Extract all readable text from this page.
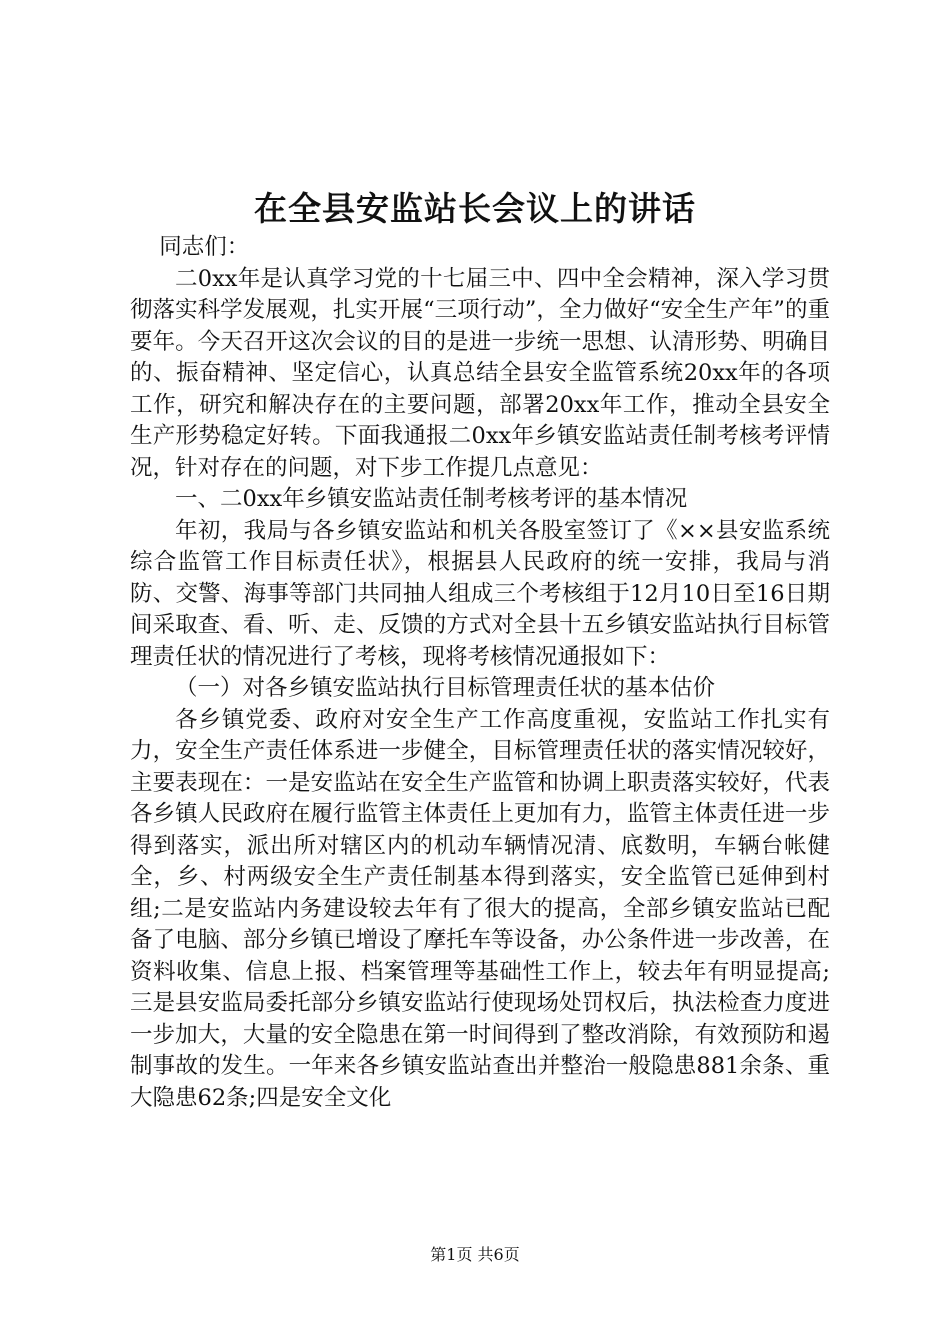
在全县安监站长会议上的讲话

同志们：

二0xx年是认真学习党的十七届三中、四中全会精神，深入学习贯彻落实科学发展观，扎实开展“三项行动”，全力做好“安全生产年”的重要年。今天召开这次会议的目的是进一步统一思想、认清形势、明确目的、振奋精神、坚定信心，认真总结全县安全监管系统20xx年的各项工作，研究和解决存在的主要问题，部署20xx年工作，推动全县安全生产形势稳定好转。下面我通报二0xx年乡镇安监站责任制考核考评情况，针对存在的问题，对下步工作提几点意见：

一、二0xx年乡镇安监站责任制考核考评的基本情况

年初，我局与各乡镇安监站和机关各股室签订了《××县安监系统综合监管工作目标责任状》，根据县人民政府的统一安排，我局与消防、交警、海事等部门共同抽人组成三个考核组于12月10日至16日期间采取查、看、听、走、反馈的方式对全县十五乡镇安监站执行目标管理责任状的情况进行了考核，现将考核情况通报如下：

（一）对各乡镇安监站执行目标管理责任状的基本估价

各乡镇党委、政府对安全生产工作高度重视，安监站工作扎实有力，安全生产责任体系进一步健全，目标管理责任状的落实情况较好，主要表现在：一是安监站在安全生产监管和协调上职责落实较好，代表各乡镇人民政府在履行监管主体责任上更加有力，监管主体责任进一步得到落实，派出所对辖区内的机动车辆情况清、底数明，车辆台帐健全，乡、村两级安全生产责任制基本得到落实，安全监管已延伸到村组;二是安监站内务建设较去年有了很大的提高，全部乡镇安监站已配备了电脑、部分乡镇已增设了摩托车等设备，办公条件进一步改善，在资料收集、信息上报、档案管理等基础性工作上，较去年有明显提高;三是县安监局委托部分乡镇安监站行使现场处罚权后，执法检查力度进一步加大，大量的安全隐患在第一时间得到了整改消除，有效预防和遏制事故的发生。一年来各乡镇安监站查出并整治一般隐患881余条、重大隐患62条;四是安全文化

第1页 共6页
